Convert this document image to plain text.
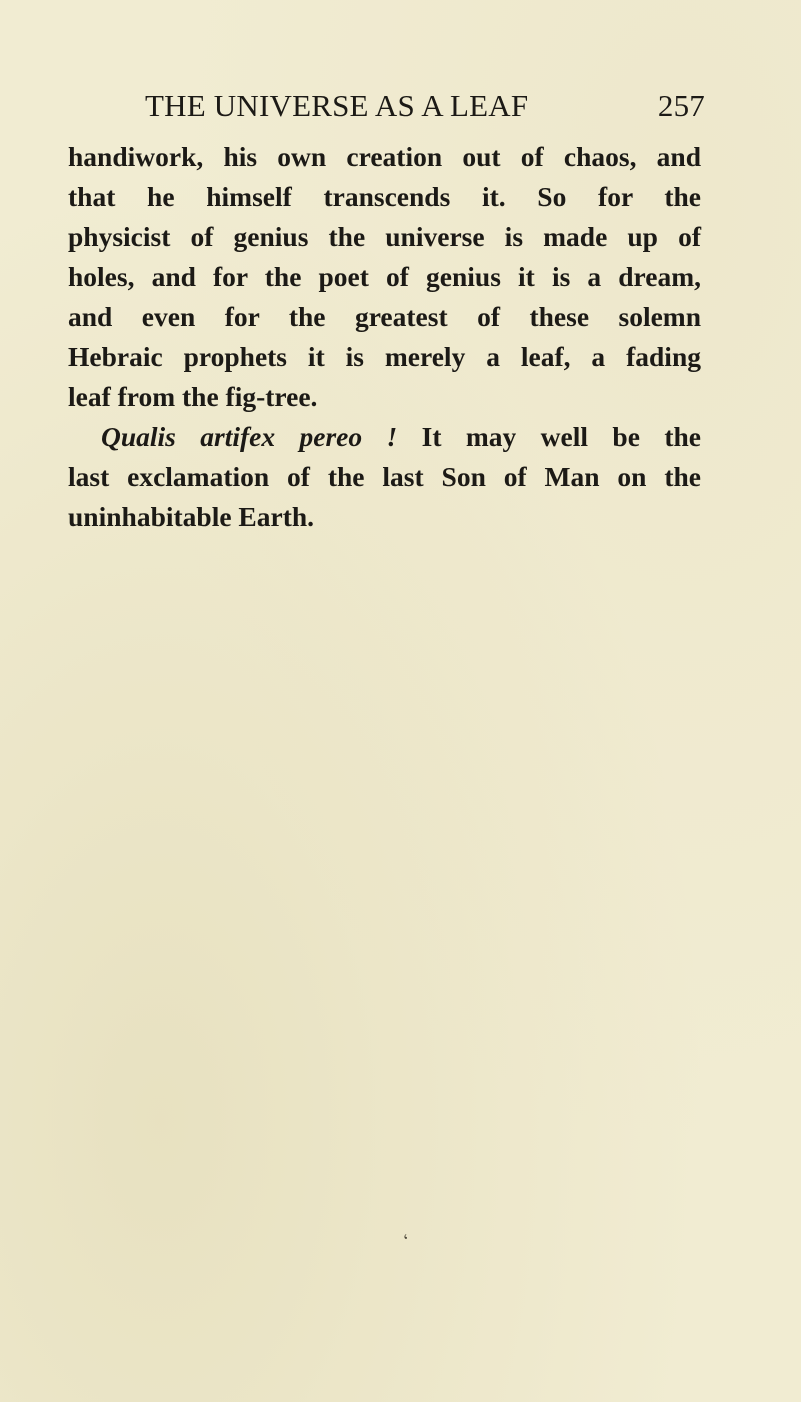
THE UNIVERSE AS A LEAF	257
handiwork, his own creation out of chaos, and
that he himself transcends it. So for the
physicist of genius the universe is made up of
holes, and for the poet of genius it is a dream,
and even for the greatest of these solemn
Hebraic prophets it is merely a leaf, a fading
leaf from the fig-tree.
Qualis artifex pereo ! It may well be the
last exclamation of the last Son of Man on the
uninhabitable Earth.
‘
